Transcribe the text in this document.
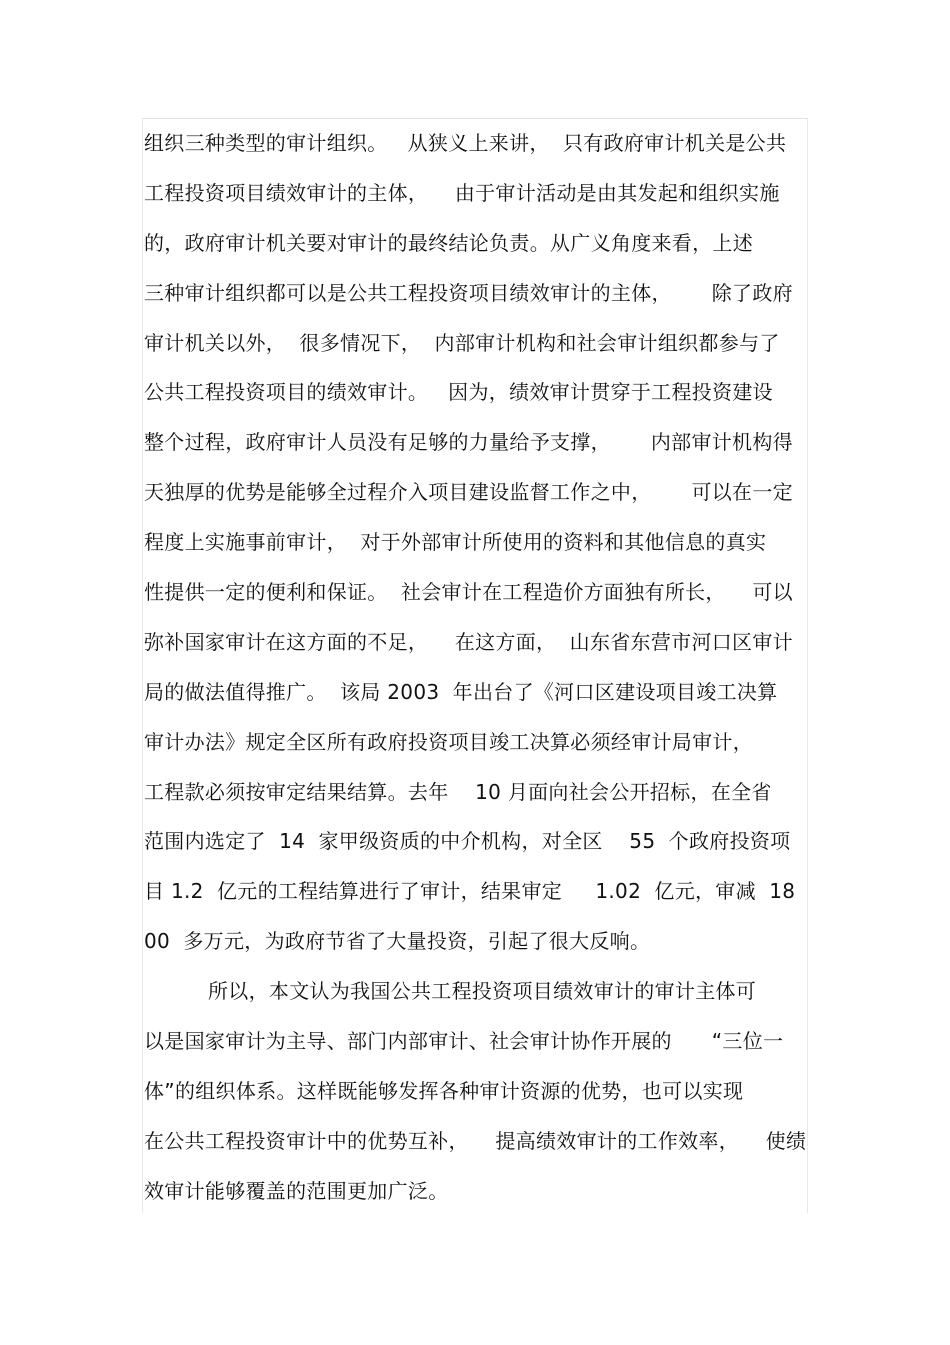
组织三种类型的审计组织。   从狭义上来讲，  只有政府审计机关是公共
工程投资项目绩效审计的主体，    由于审计活动是由其发起和组织实施
的，政府审计机关要对审计的最终结论负责。从广义角度来看，上述
三种审计组织都可以是公共工程投资项目绩效审计的主体，      除了政府
审计机关以外，  很多情况下，  内部审计机构和社会审计组织都参与了
公共工程投资项目的绩效审计。   因为，绩效审计贯穿于工程投资建设
整个过程，政府审计人员没有足够的力量给予支撑，      内部审计机构得
天独厚的优势是能够全过程介入项目建设监督工作之中，      可以在一定
程度上实施事前审计，  对于外部审计所使用的资料和其他信息的真实
性提供一定的便利和保证。  社会审计在工程造价方面独有所长，    可以
弥补国家审计在这方面的不足，    在这方面，  山东省东营市河口区审计
局的做法值得推广。  该局 2003  年出台了《河口区建设项目竣工决算
审计办法》规定全区所有政府投资项目竣工决算必须经审计局审计，
工程款必须按审定结果结算。去年    10 月面向社会公开招标，在全省
范围内选定了  14  家甲级资质的中介机构，对全区    55  个政府投资项
目 1.2  亿元的工程结算进行了审计，结果审定     1.02  亿元，审减  18
00  多万元，为政府节省了大量投资，引起了很大反响。
所以，本文认为我国公共工程投资项目绩效审计的审计主体可
以是国家审计为主导、部门内部审计、社会审计协作开展的      “三位一
体”的组织体系。这样既能够发挥各种审计资源的优势，也可以实现
在公共工程投资审计中的优势互补，    提高绩效审计的工作效率，    使绩
效审计能够覆盖的范围更加广泛。
